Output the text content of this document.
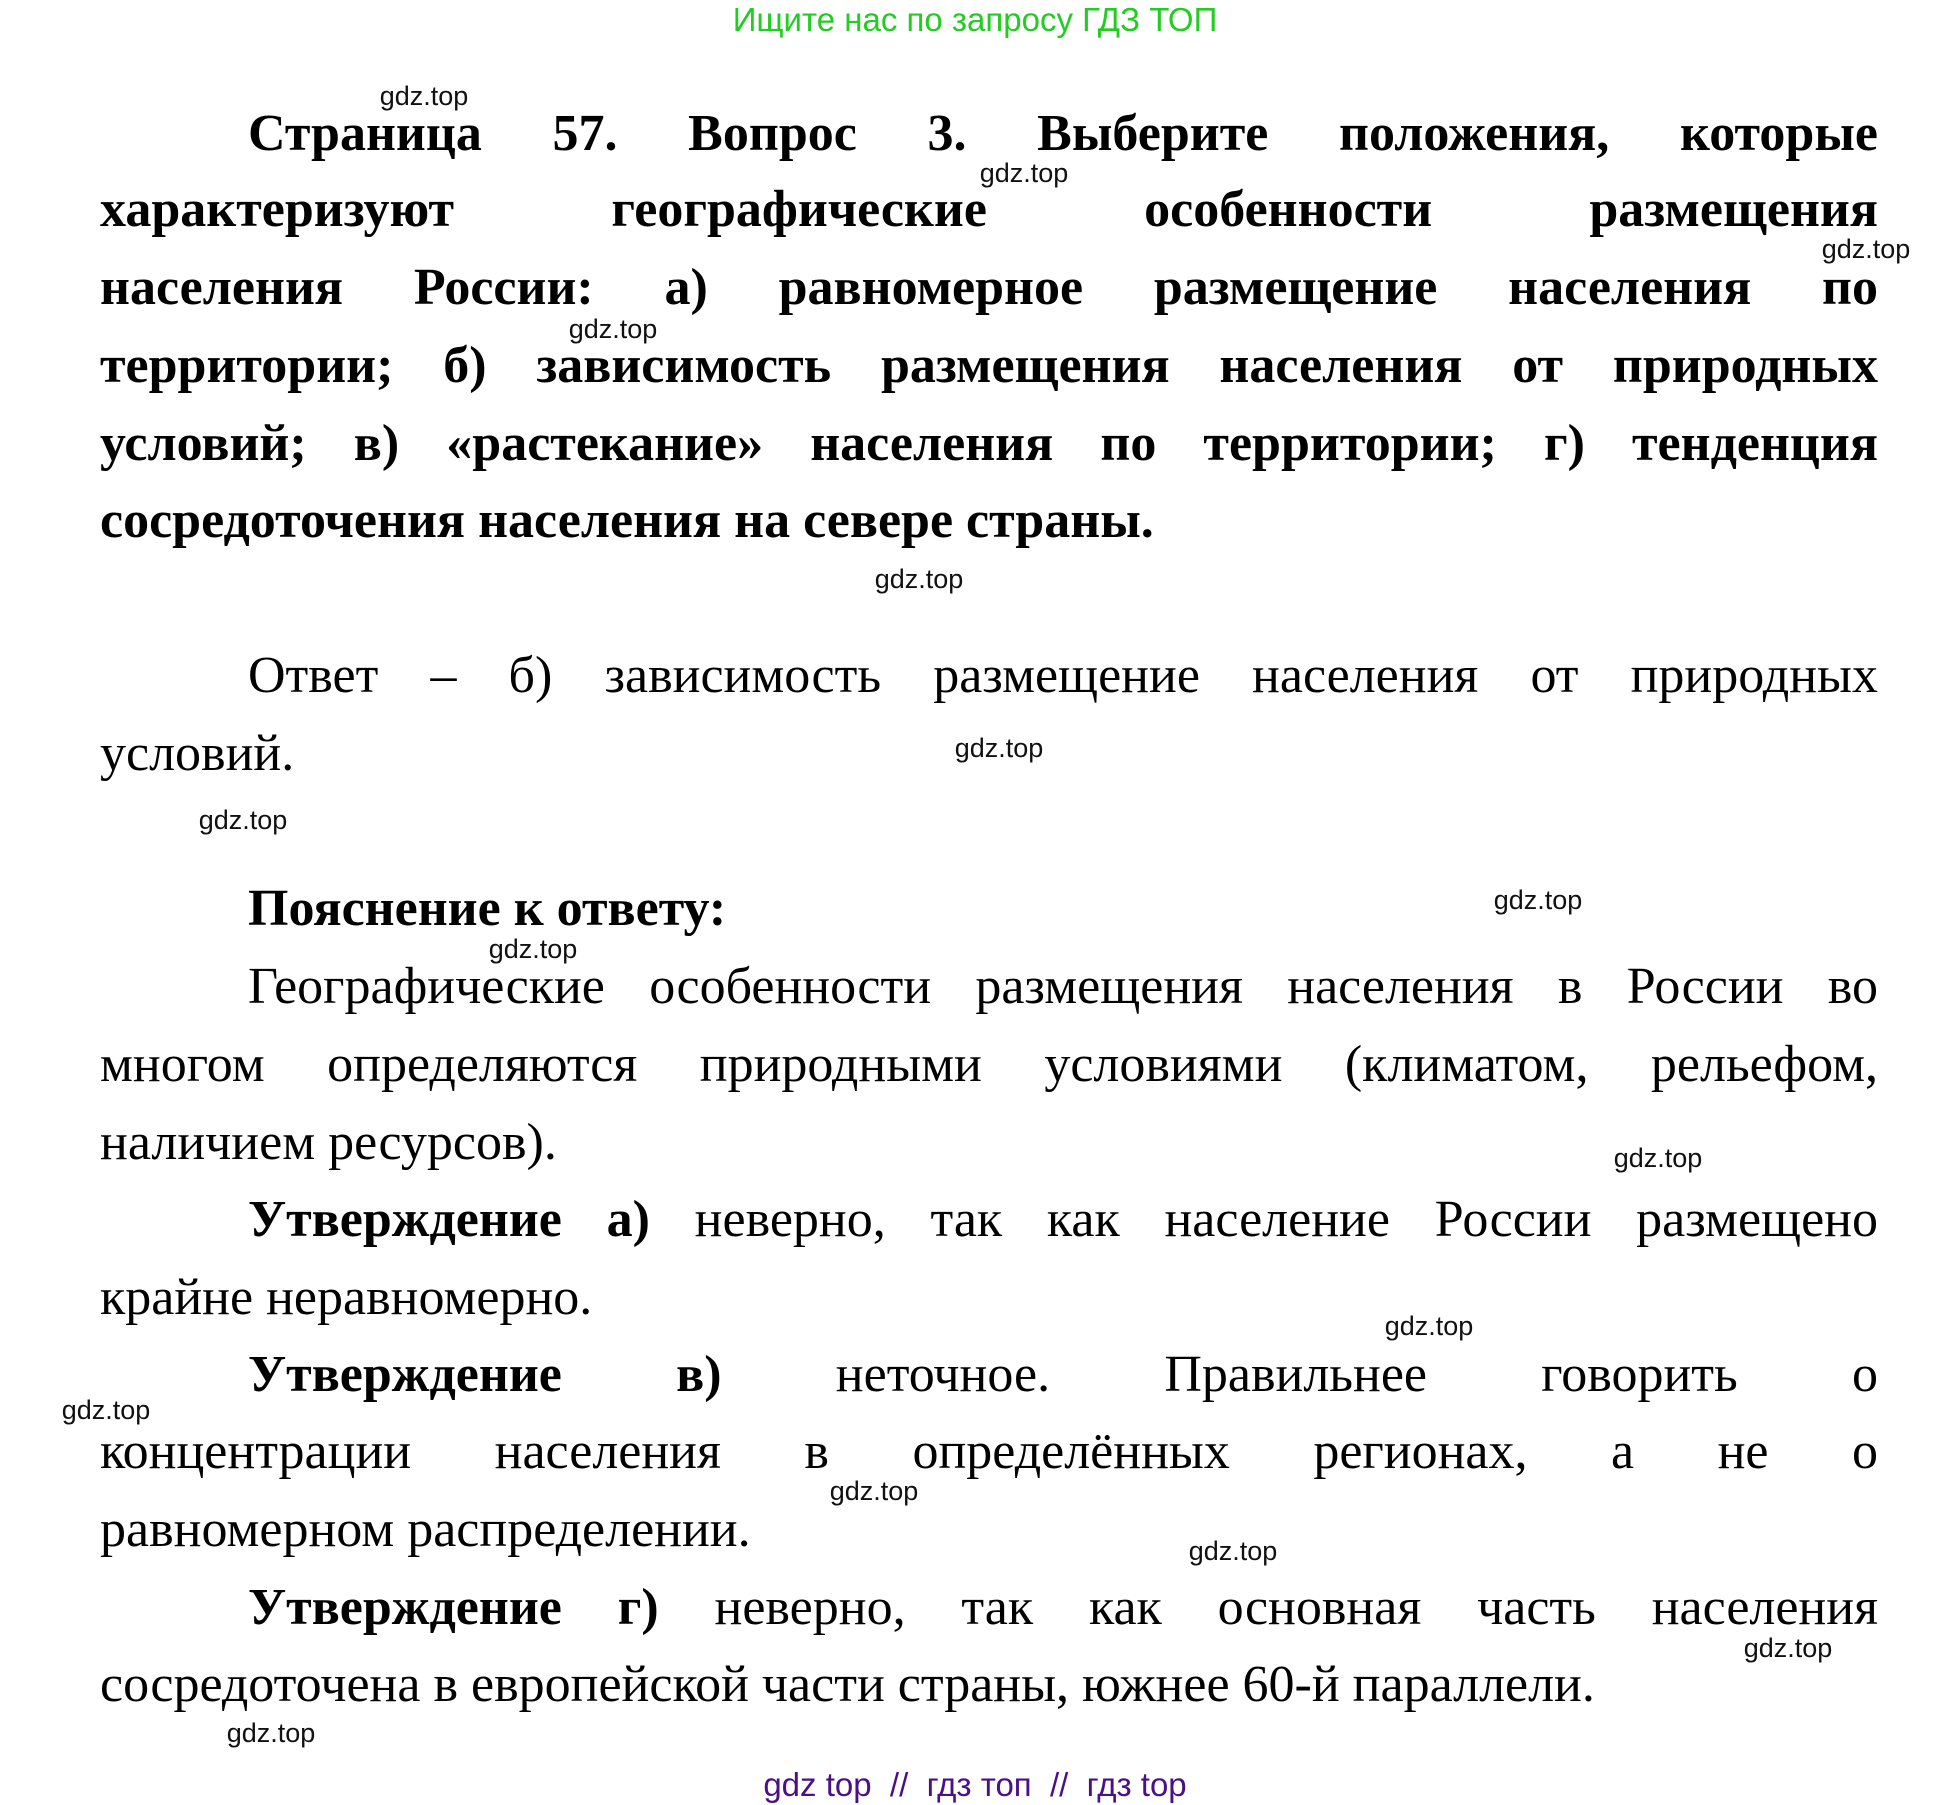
Ищите нас по запросу ГДЗ ТОП
Страница 57. Вопрос 3. Выберите положения, которые
характеризуют географические особенности размещения
населения России: а) равномерное размещение населения по
территории; б) зависимость размещения населения от природных
условий; в) «растекание» населения по территории; г) тенденция
сосредоточения населения на севере страны.
Ответ – б) зависимость размещение населения от природных
условий.
Пояснение к ответу:
Географические особенности размещения населения в России во
многом определяются природными условиями (климатом, рельефом,
наличием ресурсов).
Утверждение а) неверно, так как население России размещено
крайне неравномерно.
Утверждение в) неточное. Правильнее говорить о
концентрации населения в определённых регионах, а не о
равномерном распределении.
Утверждение г) неверно, так как основная часть населения
сосредоточена в европейской части страны, южнее 60-й параллели.
gdz.top
gdz.top
gdz.top
gdz.top
gdz.top
gdz.top
gdz.top
gdz.top
gdz.top
gdz.top
gdz.top
gdz.top
gdz.top
gdz.top
gdz.top
gdz.top
gdz top  //  гдз топ  //  гдз top
